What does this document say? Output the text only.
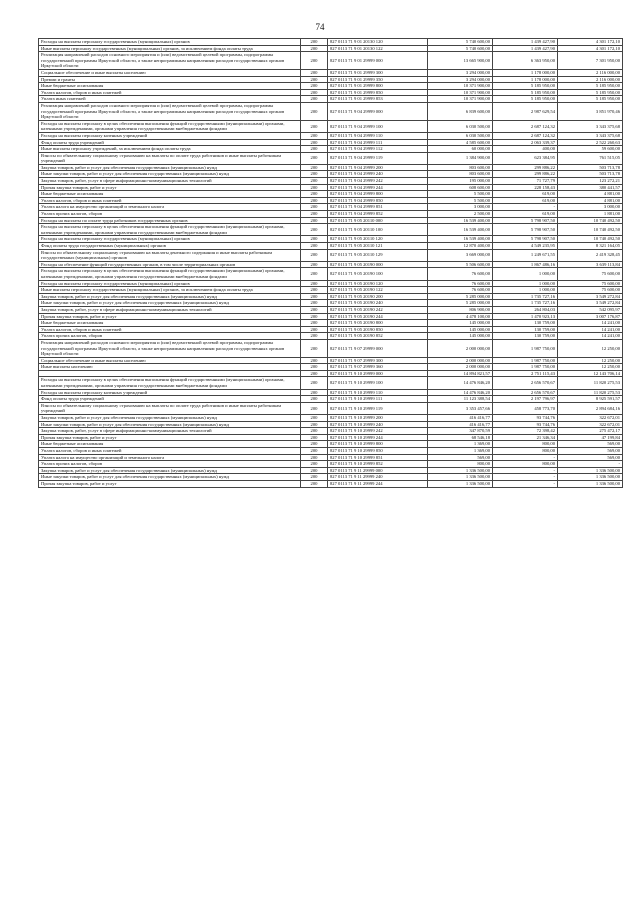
74
Расходы на выплаты персоналу государственных (муниципальных) органов	200	827 0113 71 9 01 20130 120	5 740 600,00	1 439 427,90	4 301 172,10
Иные выплаты персоналу государственных (муниципальных) органов, за исключением фонда оплаты труда	200	827 0113 71 9 01 20130 122	5 740 600,00	1 439 427,90	4 301 172,10
Реализация направлений расходов основного мероприятия и (или) ведомственной целевой программы, подпрограммы государственной программы Иркутской области, а также непрограммным направлениям расходов государственных органов Иркутской области	200	827 0113 71 9 01 29999 000	13 665 900,00	6 363 950,00	7 301 950,00
Социальное обеспечение и иные выплаты населению	200	827 0113 71 9 01 29999 300	3 294 000,00	1 178 000,00	2 116 000,00
Премии и гранты	200	827 0113 71 9 01 29999 350	3 294 000,00	1 178 000,00	2 116 000,00
Иные бюджетные ассигнования	200	827 0113 71 9 01 29999 800	10 371 900,00	5 185 950,00	5 185 950,00
Уплата налогов, сборов и иных платежей	200	827 0113 71 9 01 29999 850	10 371 900,00	5 185 950,00	5 185 950,00
Уплата иных платежей	200	827 0113 71 9 01 29999 853	10 371 900,00	5 185 950,00	5 185 950,00
Реализация направлений расходов основного мероприятия и (или) ведомственной целевой программы, подпрограммы государственной программы Иркутской области, а также непрограммным направлениям расходов государственных органов Иркутской области	200	827 0113 71 9 04 29999 000	6 839 600,00	2 987 629,54	3 851 970,46
Расходы на выплаты персоналу в целях обеспечения выполнения функций государственными (муниципальными) органами, казенными учреждениями, органами управления государственными внебюджетными фондами	200	827 0113 71 9 04 29999 100	6 030 500,00	2 687 124,32	3 343 375,68
Расходы на выплаты персоналу казенных учреждений	200	827 0113 71 9 04 29999 110	6 030 500,00	2 687 124,32	3 343 375,68
Фонд оплаты труда учреждений	200	827 0113 71 9 04 29999 111	4 585 600,00	2 063 339,37	2 522 260,63
Иные выплаты персоналу учреждений, за исключением фонда оплаты труда	200	827 0113 71 9 04 29999 112	60 000,00	400,00	59 600,00
Взносы по обязательному социальному страхованию на выплаты по оплате труда работников и иные выплаты работникам учреждений	200	827 0113 71 9 04 29999 119	1 384 900,00	623 384,95	761 515,05
Закупка товаров, работ и услуг для обеспечения государственных (муниципальных) нужд	200	827 0113 71 9 04 29999 200	803 600,00	299 886,22	503 713,78
Иные закупки товаров, работ и услуг для обеспечения государственных (муниципальных) нужд	200	827 0113 71 9 04 29999 240	803 600,00	299 886,22	503 713,78
Закупка товаров, работ, услуг в сфере информационно-коммуникационных технологий	200	827 0113 71 9 04 29999 242	195 000,00	71 727,79	123 272,21
Прочая закупка товаров, работ и услуг	200	827 0113 71 9 04 29999 244	608 600,00	228 158,43	380 441,57
Иные бюджетные ассигнования	200	827 0113 71 9 04 29999 800	5 500,00	619,00	4 881,00
Уплата налогов, сборов и иных платежей	200	827 0113 71 9 04 29999 850	5 500,00	619,00	4 881,00
Уплата налога на имущество организаций и земельного налога	200	827 0113 71 9 04 29999 851	3 000,00	-	3 000,00
Уплата прочих налогов, сборов	200	827 0113 71 9 04 29999 852	2 500,00	619,00	1 881,00
Расходы на выплаты по оплате труда работников государственных органов	200	827 0113 71 9 05 20110 000	16 539 400,00	5 798 907,50	10 740 492,50
Расходы на выплаты персоналу в целях обеспечения выполнения функций государственными (муниципальными) органами, казенными учреждениями, органами управления государственными внебюджетными фондами	200	827 0113 71 9 05 20110 100	16 539 400,00	5 798 907,50	10 740 492,50
Расходы на выплаты персоналу государственных (муниципальных) органов	200	827 0113 71 9 05 20110 120	16 539 400,00	5 798 907,50	10 740 492,50
Фонд оплаты труда государственных (муниципальных) органов	200	827 0113 71 9 05 20110 121	12 870 400,00	4 549 235,95	8 321 164,05
Взносы по обязательному социальному страхованию на выплаты денежного содержания и иные выплаты работникам государственных (муниципальных) органов	200	827 0113 71 9 05 20110 129	3 669 000,00	1 249 671,55	2 419 328,45
Расходы на обеспечение функций государственных органов, в том числе территориальных органов	200	827 0113 71 9 05 20190 000	5 506 600,00	1 867 486,16	3 639 113,84
Расходы на выплаты персоналу в целях обеспечения выполнения функций государственными (муниципальными) органами, казенными учреждениями, органами управления государственными внебюджетными фондами	200	827 0113 71 9 05 20190 100	76 600,00	1 000,00	75 600,00
Расходы на выплаты персоналу государственных (муниципальных) органов	200	827 0113 71 9 05 20190 120	76 600,00	1 000,00	75 600,00
Иные выплаты персоналу государственных (муниципальных) органов, за исключением фонда оплаты труда	200	827 0113 71 9 05 20190 122	76 600,00	1 000,00	75 600,00
Закупка товаров, работ и услуг для обеспечения государственных (муниципальных) нужд	200	827 0113 71 9 05 20190 200	5 285 000,00	1 735 727,16	3 549 272,84
Иные закупки товаров, работ и услуг для обеспечения государственных (муниципальных) нужд	200	827 0113 71 9 05 20190 240	5 285 000,00	1 735 727,16	3 549 272,84
Закупка товаров, работ, услуг в сфере информационно-коммуникационных технологий	200	827 0113 71 9 05 20190 242	806 900,00	264 804,03	542 095,97
Прочая закупка товаров, работ и услуг	200	827 0113 71 9 05 20190 244	4 478 100,00	1 470 923,13	3 007 176,87
Иные бюджетные ассигнования	200	827 0113 71 9 05 20190 800	145 000,00	130 759,00	14 241,00
Уплата налогов, сборов и иных платежей	200	827 0113 71 9 05 20190 850	145 000,00	130 759,00	14 241,00
Уплата прочих налогов, сборов	200	827 0113 71 9 05 20190 852	145 000,00	130 759,00	14 241,00
Реализация направлений расходов основного мероприятия и (или) ведомственной целевой программы, подпрограммы государственной программы Иркутской области, а также непрограммным направлениям расходов государственных органов Иркутской области	200	827 0113 71 9 07 29999 000	2 000 000,00	1 987 750,00	12 250,00
Социальное обеспечение и иные выплаты населению	200	827 0113 71 9 07 29999 300	2 000 000,00	1 987 750,00	12 250,00
Иные выплаты населению	200	827 0113 71 9 07 29999 360	2 000 000,00	1 987 750,00	12 250,00
	200	827 0113 71 9 10 29999 000	14 894 821,57	2 751 115,43	12 143 706,14
Расходы на выплаты персоналу в целях обеспечения выполнения функций государственными (муниципальными) органами, казенными учреждениями, органами управления государственными внебюджетными фондами	200	827 0113 71 9 10 29999 100	14 476 846,20	2 656 570,67	11 820 275,53
Расходы на выплаты персоналу казенных учреждений	200	827 0113 71 9 10 29999 110	14 476 846,20	2 656 570,67	11 820 275,53
Фонд оплаты труда учреждений	200	827 0113 71 9 10 29999 111	11 123 388,54	2 197 796,97	8 925 591,57
Взносы по обязательному социальному страхованию на выплаты по оплате труда работников и иные выплаты работникам учреждений	200	827 0113 71 9 10 29999 119	3 353 457,66	458 773,70	2 894 684,16
Закупка товаров, работ и услуг для обеспечения государственных (муниципальных) нужд	200	827 0113 71 9 10 29999 200	416 416,77	93 744,76	322 672,01
Иные закупки товаров, работ и услуг для обеспечения государственных (муниципальных) нужд	200	827 0113 71 9 10 29999 240	416 416,77	93 744,76	322 672,01
Закупка товаров, работ, услуг в сфере информационно-коммуникационных технологий	200	827 0113 71 9 10 29999 242	347 870,59	72 398,42	275 472,17
Прочая закупка товаров, работ и услуг	200	827 0113 71 9 10 29999 244	68 546,18	21 346,34	47 199,84
Иные бюджетные ассигнования	200	827 0113 71 9 10 29999 800	1 369,00	800,00	569,00
Уплата налогов, сборов и иных платежей	200	827 0113 71 9 10 29999 850	1 369,00	800,00	569,00
Уплата налога на имущество организаций и земельного налога	200	827 0113 71 9 10 29999 851	569,00	-	569,00
Уплата прочих налогов, сборов	200	827 0113 71 9 10 29999 852	800,00	800,00	-
Закупка товаров, работ и услуг для обеспечения государственных (муниципальных) нужд	200	827 0113 71 9 11 29999 000	1 336 500,00	-	1 336 500,00
Иные закупки товаров, работ и услуг для обеспечения государственных (муниципальных) нужд	200	827 0113 71 9 11 29999 240	1 336 500,00	-	1 336 500,00
Прочая закупка товаров, работ и услуг	200	827 0113 71 9 11 29999 244	1 336 500,00	-	1 336 500,00
